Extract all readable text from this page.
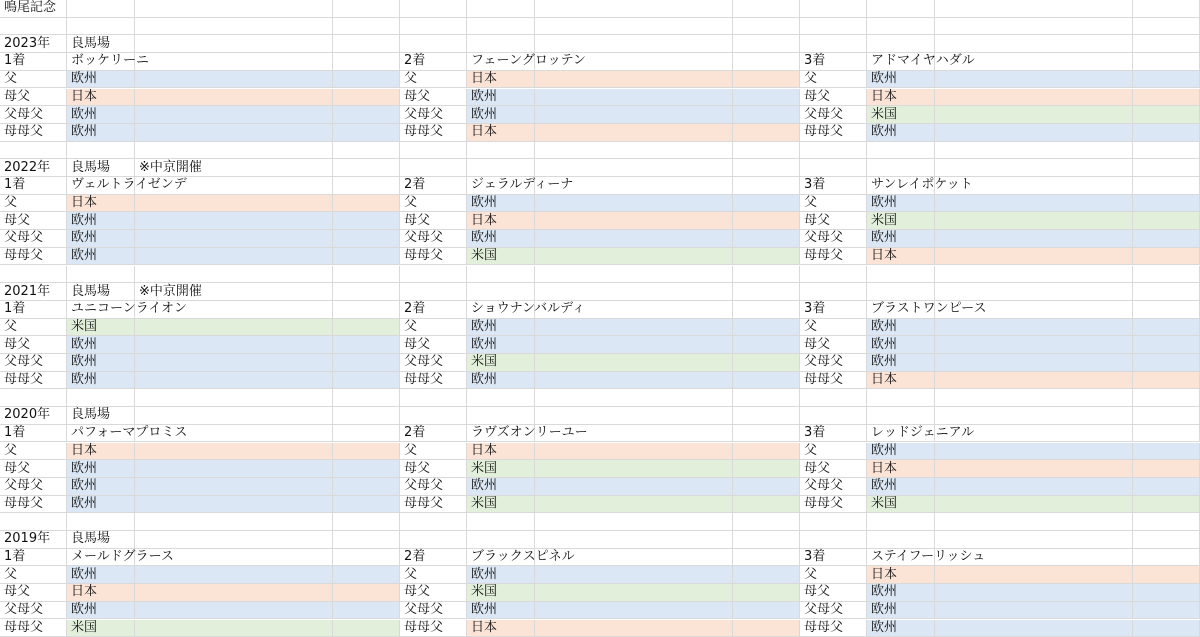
鳴尾記念
2023年 良馬場
1着	ボッケリーニ	2着	フェーングロッテン	3着	アドマイヤハダル
父	欧州	父	日本	父	欧州
母父	日本	母父	欧州	母父	日本
父母父 欧州	父母父 欧州	父母父 米国
母母父 欧州	母母父 日本	母母父 欧州
2022年 良馬場 ※中京開催
1着	ヴェルトライゼンデ	2着	ジェラルディーナ	3着	サンレイポケット
父	日本	父	欧州	父	欧州
母父	欧州	母父	日本	母父	米国
父母父 欧州	父母父 欧州	父母父 欧州
母母父 欧州	母母父 米国	母母父 日本
2021年 良馬場 ※中京開催
1着	ユニコーンライオン	2着	ショウナンバルディ	3着	ブラストワンピース
父	米国	父	欧州	父	欧州
母父	欧州	母父	欧州	母父	欧州
父母父 欧州	父母父 米国	父母父 欧州
母母父 欧州	母母父 欧州	母母父 日本
2020年 良馬場
1着	パフォーマプロミス	2着	ラヴズオンリーユー	3着	レッドジェニアル
父	日本	父	日本	父	欧州
母父	欧州	母父	米国	母父	日本
父母父 欧州	父母父 欧州	父母父 欧州
母母父 欧州	母母父 米国	母母父 米国
2019年 良馬場
1着	メールドグラース	2着	ブラックスピネル	3着	ステイフーリッシュ
父	欧州	父	欧州	父	日本
母父	日本	母父	米国	母父	欧州
父母父 欧州	父母父 欧州	父母父 欧州
母母父 米国	母母父 日本	母母父 欧州
